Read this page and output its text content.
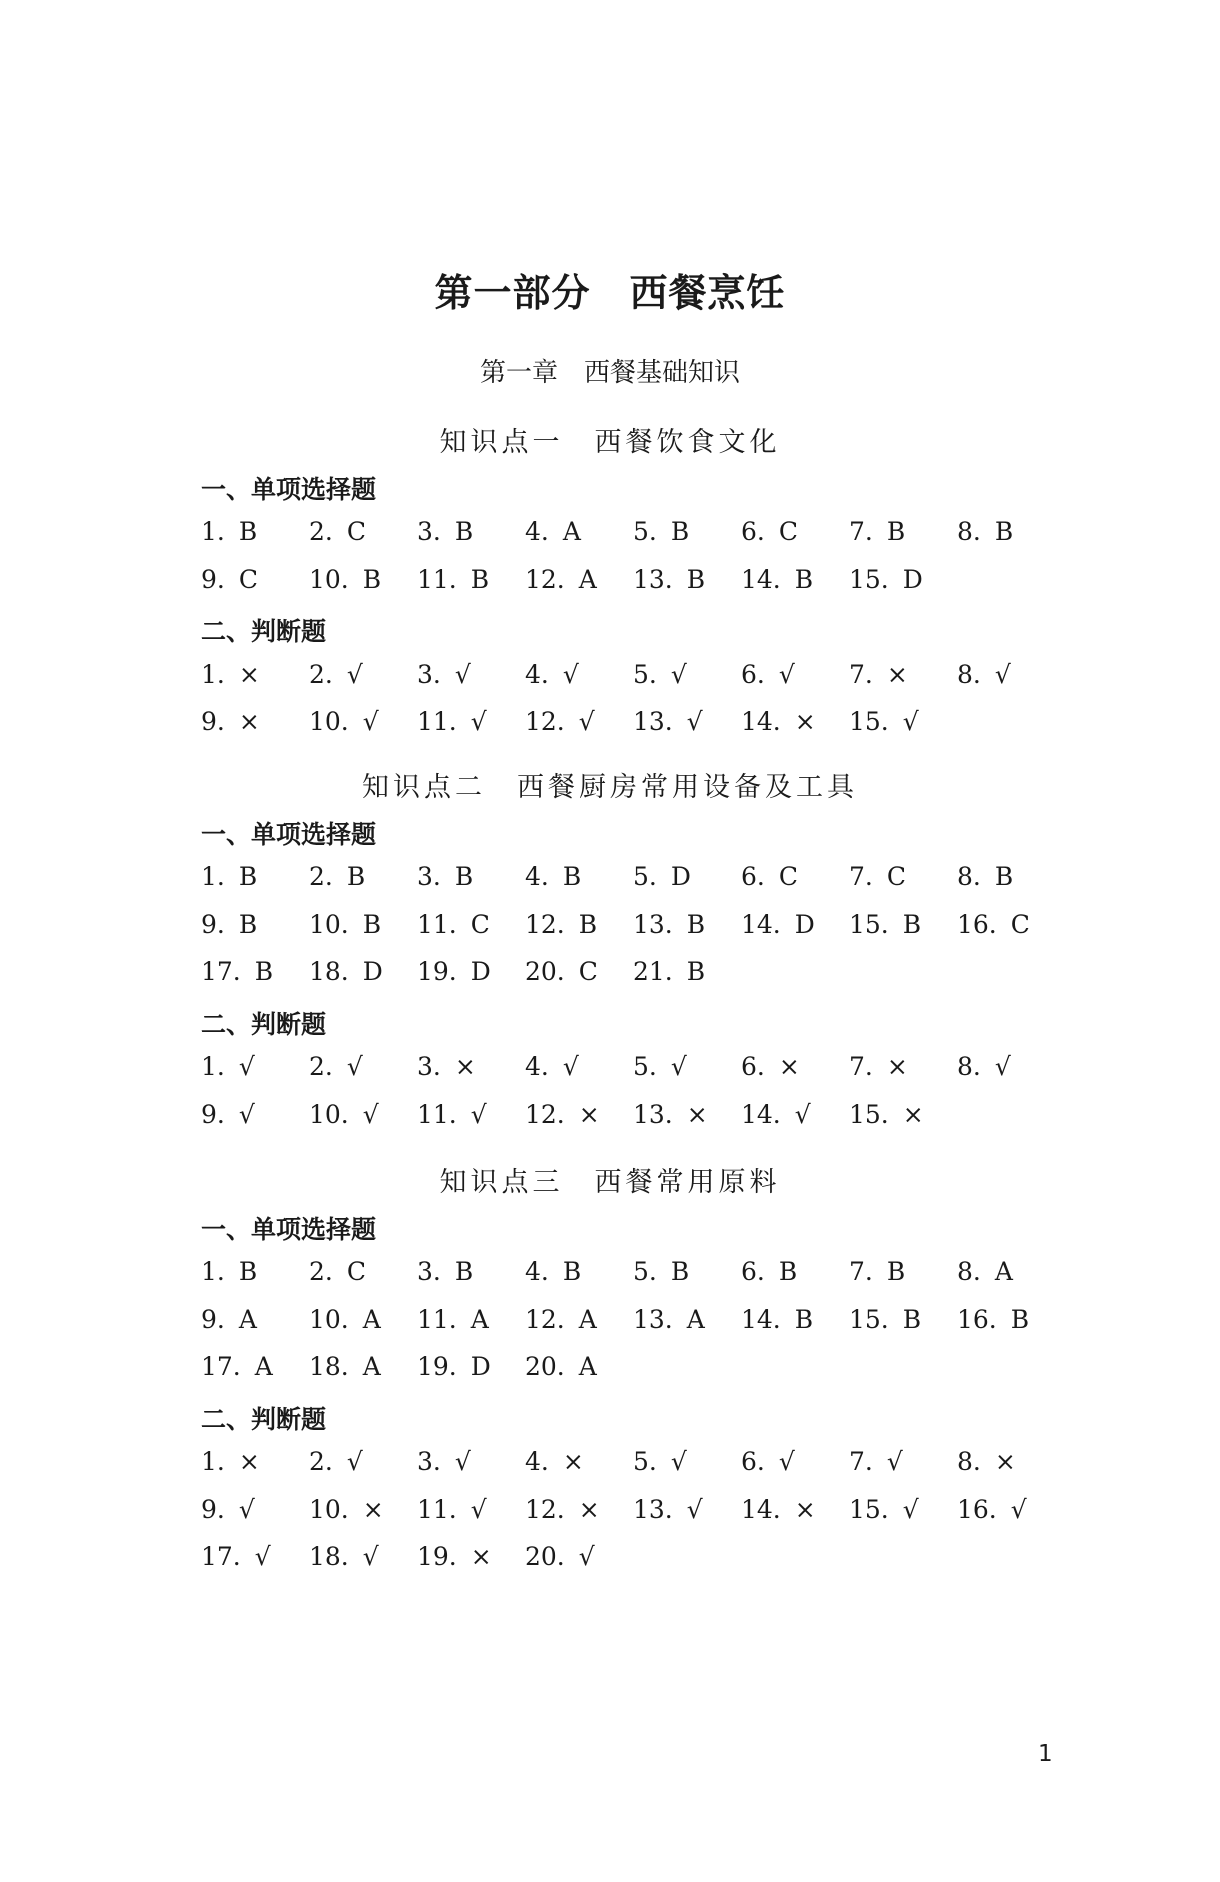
第一部分　西餐烹饪
第一章　西餐基础知识
知识点一　西餐饮食文化
一、单项选择题
1. B 2. C 3. B 4. A 5. B 6. C 7. B 8. B
9. C 10. B 11. B 12. A 13. B 14. B 15. D
二、判断题
1. × 2. √ 3. √ 4. √ 5. √ 6. √ 7. × 8. √
9. × 10. √ 11. √ 12. √ 13. √ 14. × 15. √
知识点二　西餐厨房常用设备及工具
一、单项选择题
1. B 2. B 3. B 4. B 5. D 6. C 7. C 8. B
9. B 10. B 11. C 12. B 13. B 14. D 15. B 16. C
17. B 18. D 19. D 20. C 21. B
二、判断题
1. √ 2. √ 3. × 4. √ 5. √ 6. × 7. × 8. √
9. √ 10. √ 11. √ 12. × 13. × 14. √ 15. ×
知识点三　西餐常用原料
一、单项选择题
1. B 2. C 3. B 4. B 5. B 6. B 7. B 8. A
9. A 10. A 11. A 12. A 13. A 14. B 15. B 16. B
17. A 18. A 19. D 20. A
二、判断题
1. × 2. √ 3. √ 4. × 5. √ 6. √ 7. √ 8. ×
9. √ 10. × 11. √ 12. × 13. √ 14. × 15. √ 16. √
17. √ 18. √ 19. × 20. √
1
